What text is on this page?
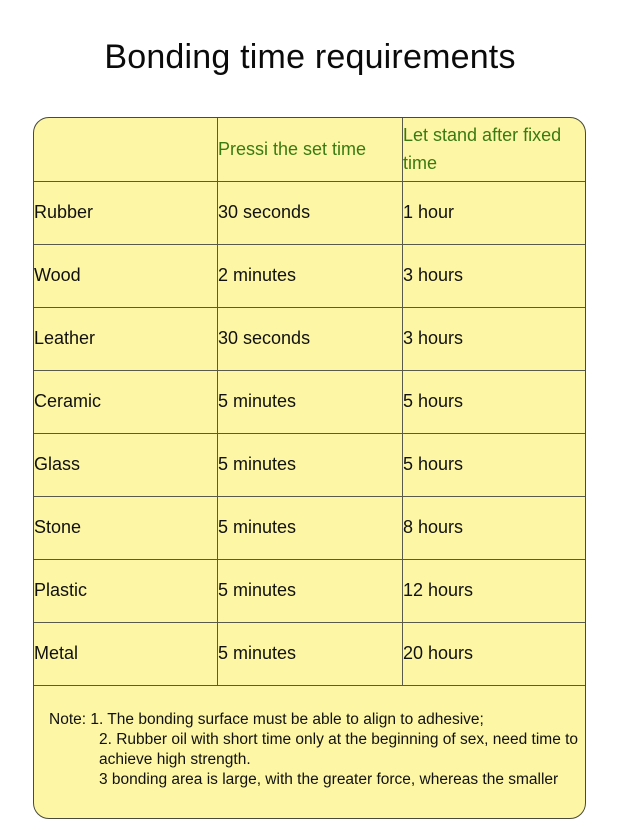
Bonding time requirements
	Pressi the set time	Let stand after fixed time
Rubber	30 seconds	1 hour
Wood	2 minutes	3 hours
Leather	30 seconds	3 hours
Ceramic	5 minutes	5 hours
Glass	5 minutes	5 hours
Stone	5 minutes	8 hours
Plastic	5 minutes	12 hours
Metal	5 minutes	20 hours
Note: 1. The bonding surface must be able to align to adhesive;
2. Rubber oil with short time only at the beginning of sex, need time to achieve high strength.
3 bonding area is large, with the greater force, whereas the smaller
